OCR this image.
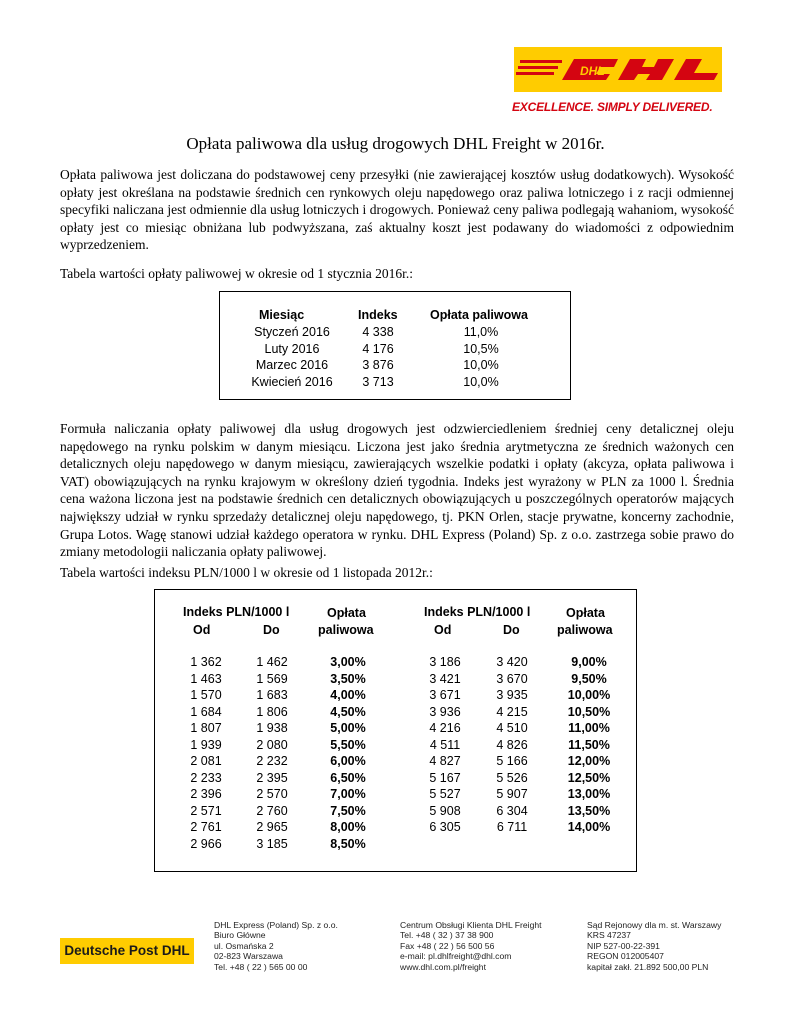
DHL
EXCELLENCE. SIMPLY DELIVERED.
Opłata paliwowa dla usług drogowych DHL Freight w 2016r.
Opłata paliwowa jest doliczana do podstawowej ceny przesyłki (nie zawierającej kosztów usług dodatkowych). Wysokość opłaty jest określana na podstawie średnich cen rynkowych oleju napędowego oraz paliwa lotniczego i z racji odmiennej specyfiki naliczana jest odmiennie dla usług lotniczych i drogowych. Ponieważ ceny paliwa podlegają wahaniom, wysokość opłaty jest co miesiąc obniżana lub podwyższana, zaś aktualny koszt jest podawany do wiadomości z odpowiednim wyprzedzeniem.
Tabela wartości opłaty paliwowej w okresie od 1 stycznia 2016r.:
Miesiąc	Indeks	Opłata paliwowa
Styczeń 2016	4 338	11,0%
Luty 2016	4 176	10,5%
Marzec 2016	3 876	10,0%
Kwiecień 2016	3 713	10,0%
Formuła naliczania opłaty paliwowej dla usług drogowych jest odzwierciedleniem średniej ceny detalicznej oleju napędowego na rynku polskim w danym miesiącu. Liczona jest jako średnia arytmetyczna ze średnich ważonych cen detalicznych oleju napędowego w danym miesiącu, zawierających wszelkie podatki i opłaty (akcyza, opłata paliwowa i VAT) obowiązujących na rynku krajowym w określony dzień tygodnia. Indeks jest wyrażony w PLN za 1000 l. Średnia cena ważona liczona jest na podstawie średnich cen detalicznych obowiązujących u poszczególnych operatorów mających największy udział w rynku sprzedaży detalicznej oleju napędowego, tj. PKN Orlen, stacje prywatne, koncerny zachodnie, Grupa Lotos. Wagę stanowi udział każdego operatora w rynku. DHL Express (Poland) Sp. z o.o. zastrzega sobie prawo do zmiany metodologii naliczania opłaty paliwowej.
Tabela wartości indeksu PLN/1000 l w okresie od 1 listopada 2012r.:
Indeks PLN/1000 l
Od	Do
Opłata
paliwowa
Indeks PLN/1000 l
Od	Do
Opłata
paliwowa
1 362	1 462	3,00%
1 463	1 569	3,50%
1 570	1 683	4,00%
1 684	1 806	4,50%
1 807	1 938	5,00%
1 939	2 080	5,50%
2 081	2 232	6,00%
2 233	2 395	6,50%
2 396	2 570	7,00%
2 571	2 760	7,50%
2 761	2 965	8,00%
2 966	3 185	8,50%
3 186	3 420	9,00%
3 421	3 670	9,50%
3 671	3 935	10,00%
3 936	4 215	10,50%
4 216	4 510	11,00%
4 511	4 826	11,50%
4 827	5 166	12,00%
5 167	5 526	12,50%
5 527	5 907	13,00%
5 908	6 304	13,50%
6 305	6 711	14,00%
Deutsche Post DHL
DHL Express (Poland) Sp. z o.o.
Biuro Główne
ul. Osmańska 2
02-823 Warszawa
Tel. +48 ( 22 ) 565 00 00
Centrum Obsługi Klienta DHL Freight
Tel. +48 ( 32 ) 37 38 900
Fax +48 ( 22 ) 56 500 56
e-mail: pl.dhlfreight@dhl.com
www.dhl.com.pl/freight
Sąd Rejonowy dla m. st. Warszawy
KRS 47237
NIP 527-00-22-391
REGON 012005407
kapitał zakł. 21.892 500,00 PLN
